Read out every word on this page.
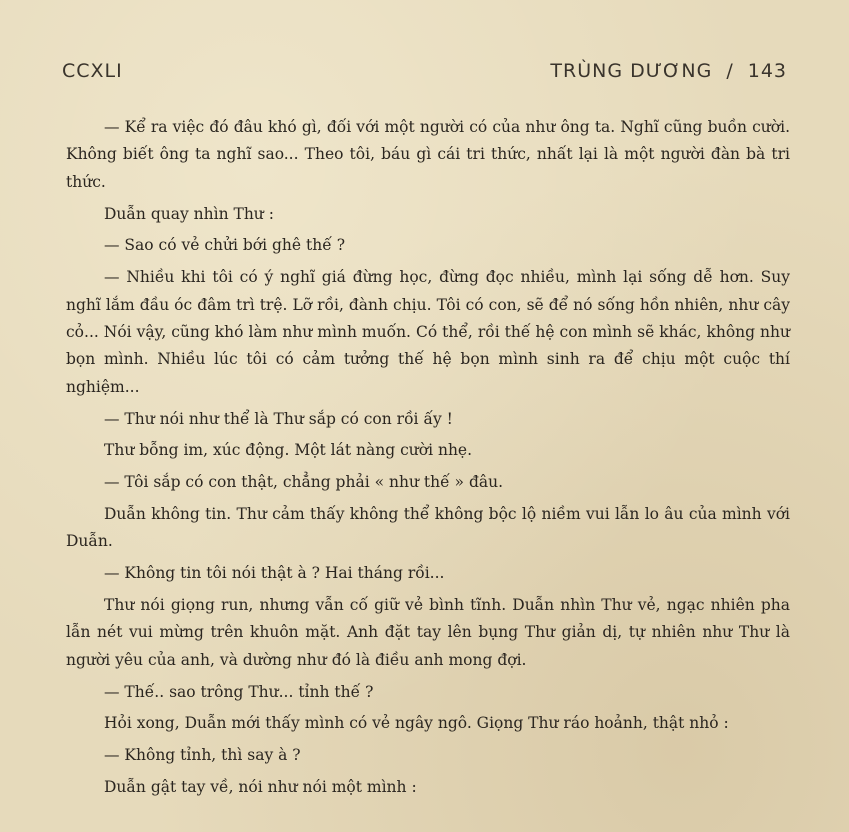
CCXLI	TRÙNG DƯƠNG / 143

— Kể ra việc đó đâu khó gì, đối với một người có của như ông ta. Nghĩ cũng buồn cười. Không biết ông ta nghĩ sao... Theo tôi, báu gì cái tri thức, nhất lại là một người đàn bà tri thức.

Duẫn quay nhìn Thư :

— Sao có vẻ chửi bới ghê thế ?

— Nhiều khi tôi có ý nghĩ giá đừng học, đừng đọc nhiều, mình lại sống dễ hơn. Suy nghĩ lắm đầu óc đâm trì trệ. Lỡ rồi, đành chịu. Tôi có con, sẽ để nó sống hồn nhiên, như cây cỏ... Nói vậy, cũng khó làm như mình muốn. Có thể, rồi thế hệ con mình sẽ khác, không như bọn mình. Nhiều lúc tôi có cảm tưởng thế hệ bọn mình sinh ra để chịu một cuộc thí nghiệm...

— Thư nói như thể là Thư sắp có con rồi ấy !

Thư bỗng im, xúc động. Một lát nàng cười nhẹ.

— Tôi sắp có con thật, chẳng phải « như thế » đâu.

Duẫn không tin. Thư cảm thấy không thể không bộc lộ niềm vui lẫn lo âu của mình với Duẫn.

— Không tin tôi nói thật à ? Hai tháng rồi...

Thư nói giọng run, nhưng vẫn cố giữ vẻ bình tĩnh. Duẫn nhìn Thư vẻ, ngạc nhiên pha lẫn nét vui mừng trên khuôn mặt. Anh đặt tay lên bụng Thư giản dị, tự nhiên như Thư là người yêu của anh, và dường như đó là điều anh mong đợi.

— Thế.. sao trông Thư... tỉnh thế ?

Hỏi xong, Duẫn mới thấy mình có vẻ ngây ngô. Giọng Thư ráo hoảnh, thật nhỏ :

— Không tỉnh, thì say à ?

Duẫn gật tay về, nói như nói một mình :
